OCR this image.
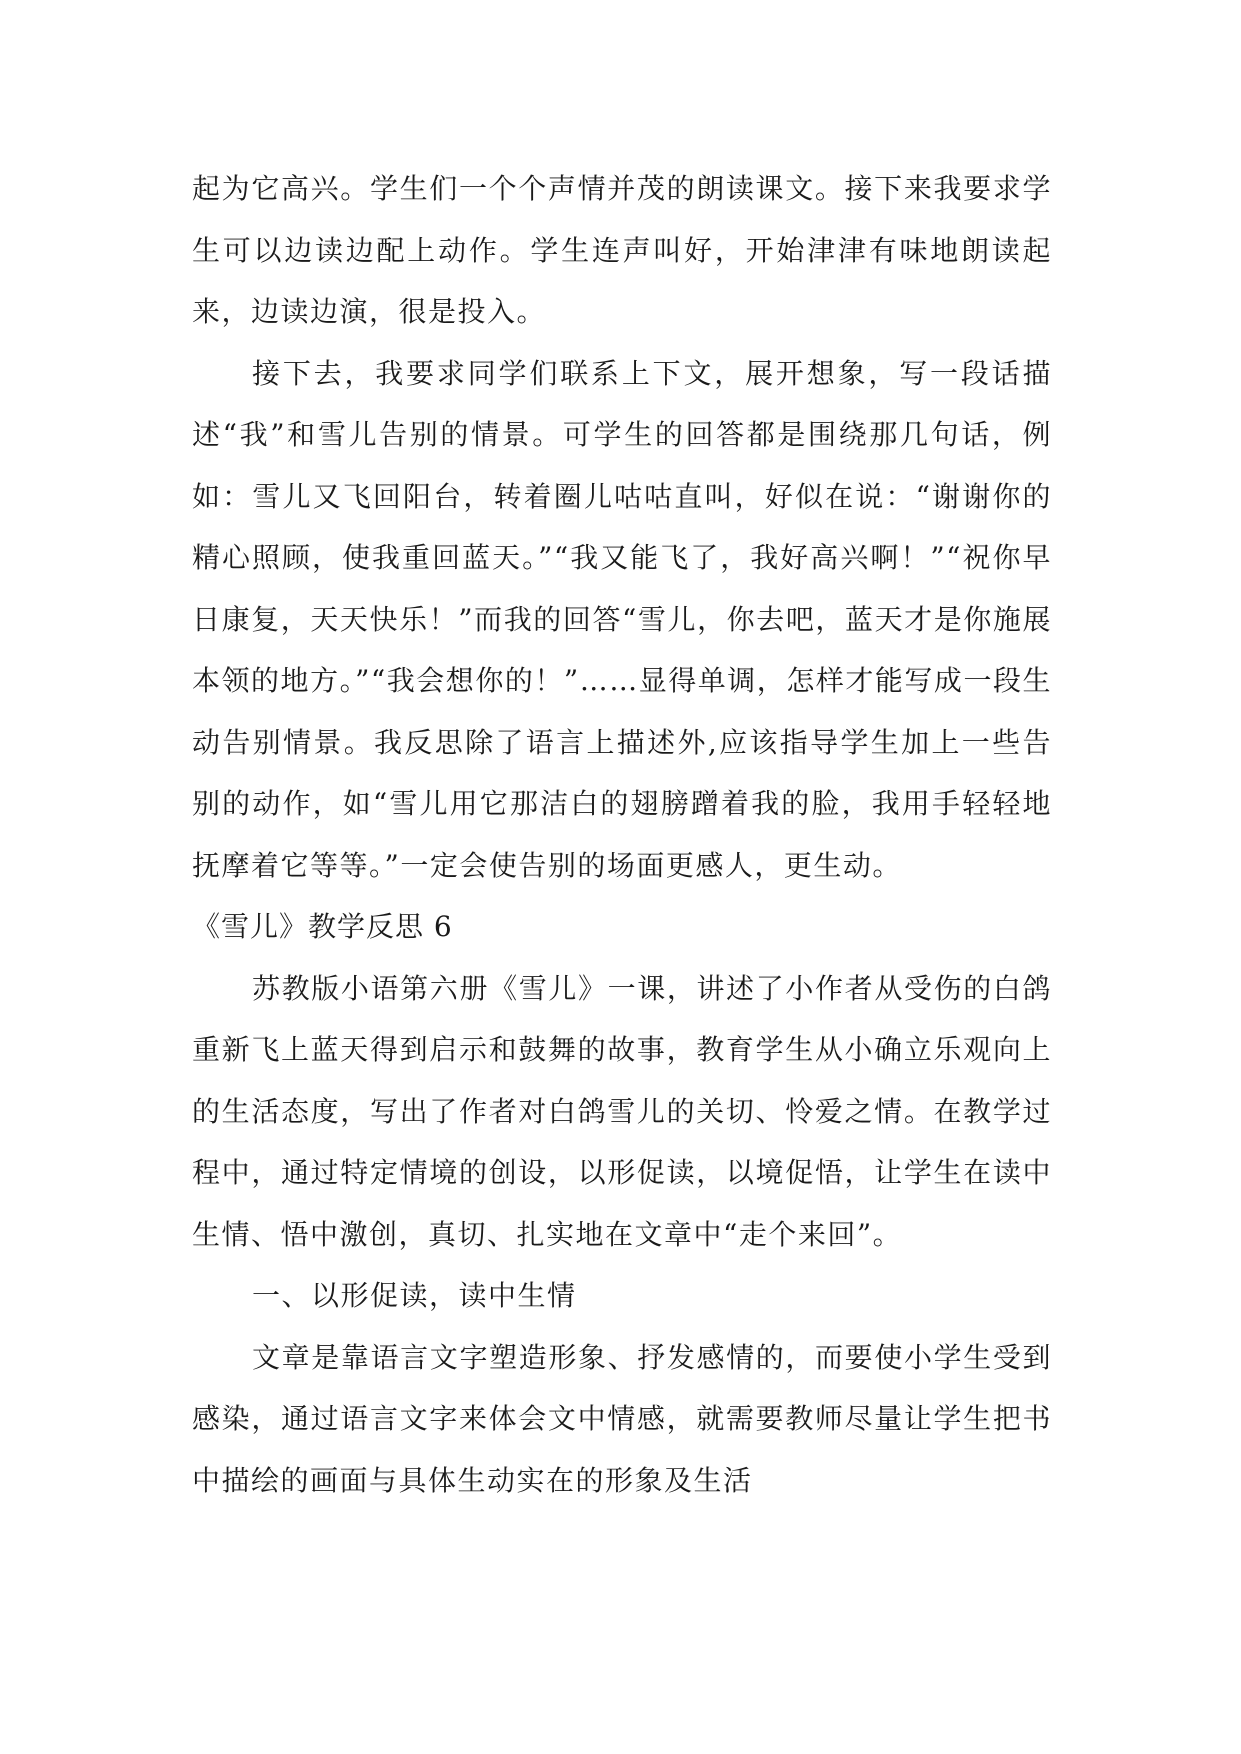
起为它高兴。学生们一个个声情并茂的朗读课文。接下来我要求学生可以边读边配上动作。学生连声叫好，开始津津有味地朗读起来，边读边演，很是投入。

接下去，我要求同学们联系上下文，展开想象，写一段话描述“我”和雪儿告别的情景。可学生的回答都是围绕那几句话，例如：雪儿又飞回阳台，转着圈儿咕咕直叫，好似在说：“谢谢你的精心照顾，使我重回蓝天。”“我又能飞了，我好高兴啊！”“祝你早日康复，天天快乐！”而我的回答“雪儿，你去吧，蓝天才是你施展本领的地方。”“我会想你的！”……显得单调，怎样才能写成一段生动告别情景。我反思除了语言上描述外,应该指导学生加上一些告别的动作，如“雪儿用它那洁白的翅膀蹭着我的脸，我用手轻轻地抚摩着它等等。”一定会使告别的场面更感人，更生动。

《雪儿》教学反思 6

苏教版小语第六册《雪儿》一课，讲述了小作者从受伤的白鸽重新飞上蓝天得到启示和鼓舞的故事，教育学生从小确立乐观向上的生活态度，写出了作者对白鸽雪儿的关切、怜爱之情。在教学过程中，通过特定情境的创设，以形促读，以境促悟，让学生在读中生情、悟中激创，真切、扎实地在文章中“走个来回”。

一、以形促读，读中生情

文章是靠语言文字塑造形象、抒发感情的，而要使小学生受到感染，通过语言文字来体会文中情感，就需要教师尽量让学生把书中描绘的画面与具体生动实在的形象及生活
